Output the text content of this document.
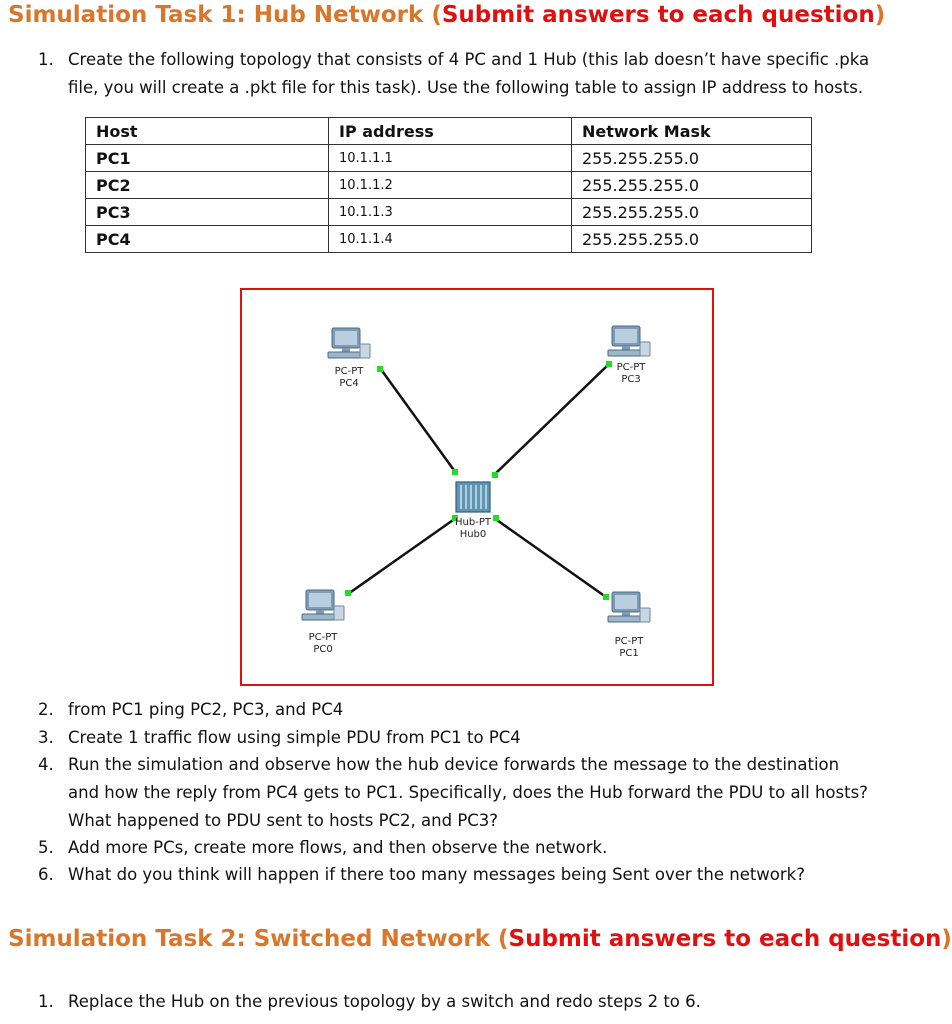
Simulation Task 1: Hub Network (Submit answers to each question)
1. Create the following topology that consists of 4 PC and 1 Hub (this lab doesn’t have specific .pka
file, you will create a .pkt file for this task). Use the following table to assign IP address to hosts.
Host	IP address	Network Mask
PC1	10.1.1.1	255.255.255.0
PC2	10.1.1.2	255.255.255.0
PC3	10.1.1.3	255.255.255.0
PC4	10.1.1.4	255.255.255.0
PC-PT
PC4
PC-PT
PC3
Hub-PT
Hub0
PC-PT
PC0
PC-PT
PC1
2. from PC1 ping PC2, PC3, and PC4
3. Create 1 traffic flow using simple PDU from PC1 to PC4
4. Run the simulation and observe how the hub device forwards the message to the destination
and how the reply from PC4 gets to PC1. Specifically, does the Hub forward the PDU to all hosts?
What happened to PDU sent to hosts PC2, and PC3?
5. Add more PCs, create more flows, and then observe the network.
6. What do you think will happen if there too many messages being Sent over the network?
Simulation Task 2: Switched Network (Submit answers to each question)
1. Replace the Hub on the previous topology by a switch and redo steps 2 to 6.
